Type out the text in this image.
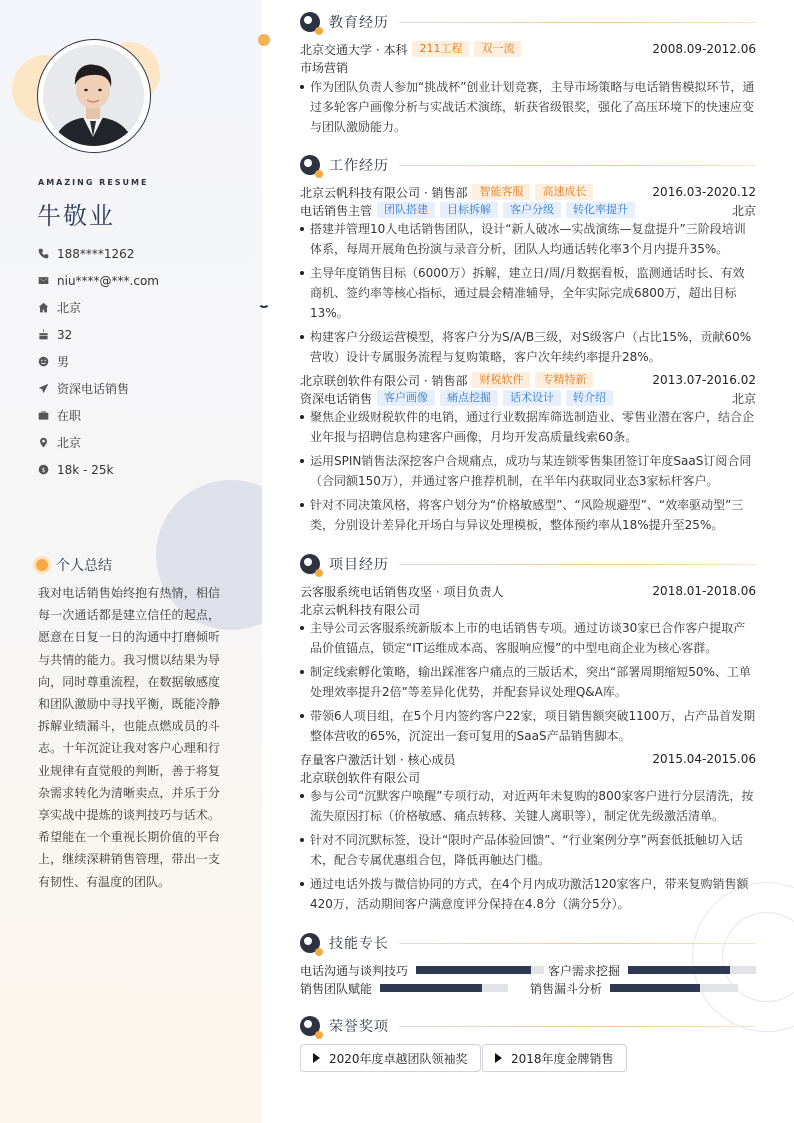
AMAZING RESUME
牛敬业
188****1262
niu****@***.com
北京
32
男
资深电话销售
在职
北京
$ 18k - 25k
个人总结
我对电话销售始终抱有热情，相信每一次通话都是建立信任的起点，愿意在日复一日的沟通中打磨倾听与共情的能力。我习惯以结果为导向，同时尊重流程，在数据敏感度和团队激励中寻找平衡，既能冷静拆解业绩漏斗，也能点燃成员的斗志。十年沉淀让我对客户心理和行业规律有直觉般的判断，善于将复杂需求转化为清晰卖点，并乐于分享实战中提炼的谈判技巧与话术。希望能在一个重视长期价值的平台上，继续深耕销售管理，带出一支有韧性、有温度的团队。
教育经历
北京交通大学 · 本科	211工程	双一流	2008.09-2012.06
市场营销
作为团队负责人参加“挑战杯”创业计划竞赛，主导市场策略与电话销售模拟环节，通过多轮客户画像分析与实战话术演练，斩获省级银奖，强化了高压环境下的快速应变与团队激励能力。
工作经历
北京云帆科技有限公司 · 销售部	智能客服	高速成长	2016.03-2020.12
电话销售主管	团队搭建	目标拆解	客户分级	转化率提升	北京
搭建并管理10人电话销售团队，设计“新人破冰—实战演练—复盘提升”三阶段培训体系，每周开展角色扮演与录音分析，团队人均通话转化率3个月内提升35%。
主导年度销售目标（6000万）拆解，建立日/周/月数据看板，监测通话时长、有效商机、签约率等核心指标，通过晨会精准辅导，全年实际完成6800万，超出目标13%。
构建客户分级运营模型，将客户分为S/A/B三级，对S级客户（占比15%，贡献60%营收）设计专属服务流程与复购策略，客户次年续约率提升28%。
北京联创软件有限公司 · 销售部	财税软件	专精特新	2013.07-2016.02
资深电话销售	客户画像	痛点挖掘	话术设计	转介绍	北京
聚焦企业级财税软件的电销，通过行业数据库筛选制造业、零售业潜在客户，结合企业年报与招聘信息构建客户画像，月均开发高质量线索60条。
运用SPIN销售法深挖客户合规痛点，成功与某连锁零售集团签订年度SaaS订阅合同（合同额150万），并通过客户推荐机制，在半年内获取同业态3家标杆客户。
针对不同决策风格，将客户划分为“价格敏感型”、“风险规避型”、“效率驱动型”三类，分别设计差异化开场白与异议处理模板，整体预约率从18%提升至25%。
项目经历
云客服系统电话销售攻坚 · 项目负责人	2018.01-2018.06
北京云帆科技有限公司
主导公司云客服系统新版本上市的电话销售专项。通过访谈30家已合作客户提取产品价值锚点，锁定“IT运维成本高、客服响应慢”的中型电商企业为核心客群。
制定线索孵化策略，输出踩准客户痛点的三版话术，突出“部署周期缩短50%、工单处理效率提升2倍”等差异化优势，并配套异议处理Q&A库。
带领6人项目组，在5个月内签约客户22家，项目销售额突破1100万，占产品首发期整体营收的65%，沉淀出一套可复用的SaaS产品销售脚本。
存量客户激活计划 · 核心成员	2015.04-2015.06
北京联创软件有限公司
参与公司“沉默客户唤醒”专项行动，对近两年未复购的800家客户进行分层清洗，按流失原因打标（价格敏感、痛点转移、关键人离职等），制定优先级激活清单。
针对不同沉默标签，设计“限时产品体验回馈”、“行业案例分享”两套低抵触切入话术，配合专属优惠组合包，降低再触达门槛。
通过电话外拨与微信协同的方式，在4个月内成功激活120家客户，带来复购销售额420万，活动期间客户满意度评分保持在4.8分（满分5分）。
技能专长
电话沟通与谈判技巧	客户需求挖掘
销售团队赋能	销售漏斗分析
荣誉奖项
2020年度卓越团队领袖奖	2018年度金牌销售
